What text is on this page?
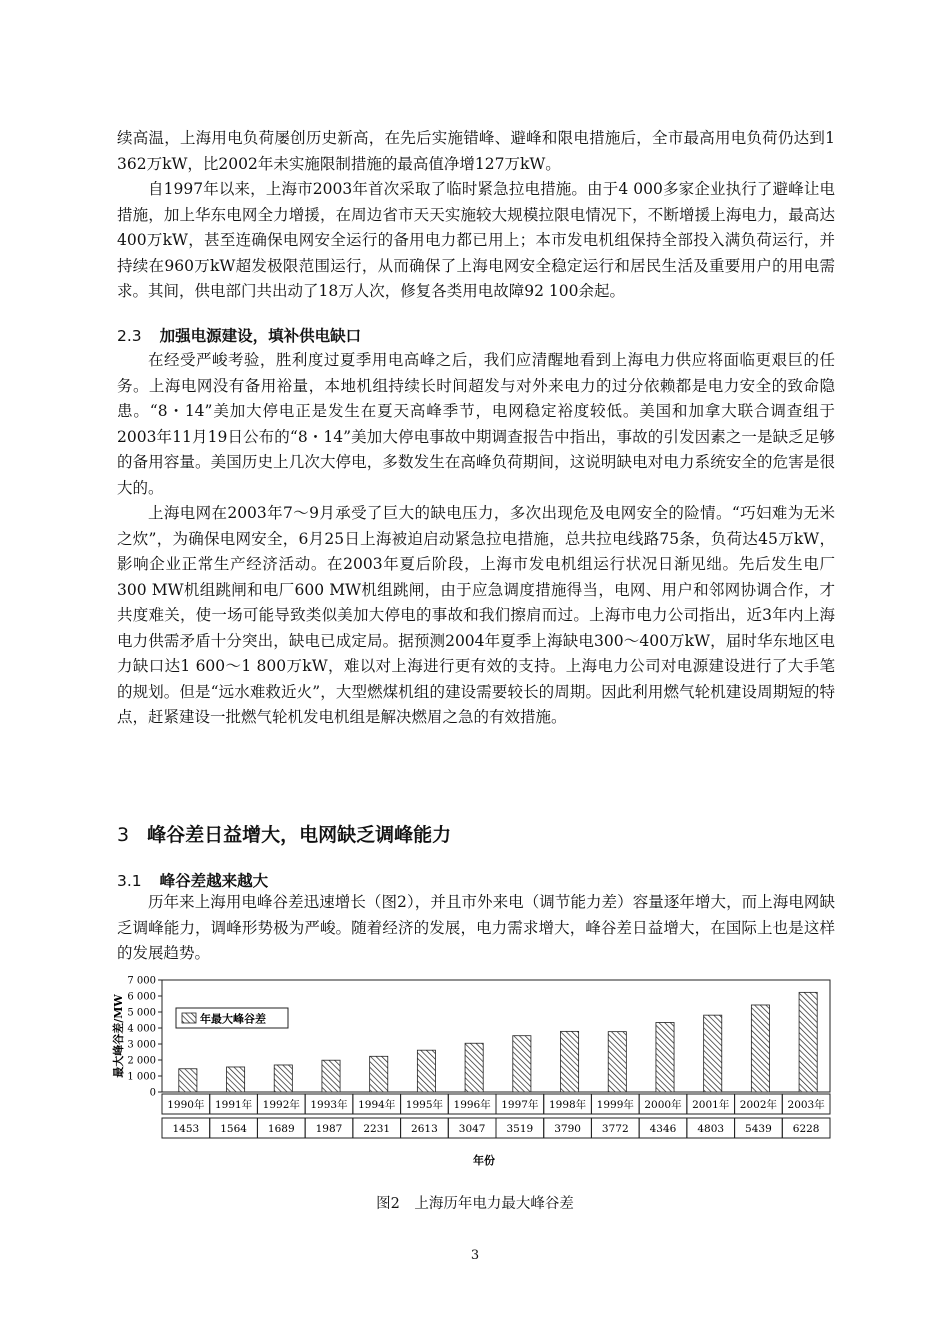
续高温，上海用电负荷屡创历史新高，在先后实施错峰、避峰和限电措施后，全市最高用电负荷仍达到1 362万kW，比2002年未实施限制措施的最高值净增127万kW。

自1997年以来，上海市2003年首次采取了临时紧急拉电措施。由于4 000多家企业执行了避峰让电措施，加上华东电网全力增援，在周边省市天天实施较大规模拉限电情况下，不断增援上海电力，最高达400万kW，甚至连确保电网安全运行的备用电力都已用上；本市发电机组保持全部投入满负荷运行，并持续在960万kW超发极限范围运行，从而确保了上海电网安全稳定运行和居民生活及重要用户的用电需求。其间，供电部门共出动了18万人次，修复各类用电故障92 100余起。

2.3 加强电源建设，填补供电缺口

在经受严峻考验，胜利度过夏季用电高峰之后，我们应清醒地看到上海电力供应将面临更艰巨的任务。上海电网没有备用裕量，本地机组持续长时间超发与对外来电力的过分依赖都是电力安全的致命隐患。“8・14”美加大停电正是发生在夏天高峰季节，电网稳定裕度较低。美国和加拿大联合调查组于2003年11月19日公布的“8・14”美加大停电事故中期调查报告中指出，事故的引发因素之一是缺乏足够的备用容量。美国历史上几次大停电，多数发生在高峰负荷期间，这说明缺电对电力系统安全的危害是很大的。

上海电网在2003年7～9月承受了巨大的缺电压力，多次出现危及电网安全的险情。“巧妇难为无米之炊”，为确保电网安全，6月25日上海被迫启动紧急拉电措施，总共拉电线路75条，负荷达45万kW，影响企业正常生产经济活动。在2003年夏后阶段，上海市发电机组运行状况日渐见绌。先后发生电厂300 MW机组跳闸和电厂600 MW机组跳闸，由于应急调度措施得当，电网、用户和邻网协调合作，才共度难关，使一场可能导致类似美加大停电的事故和我们擦肩而过。上海市电力公司指出，近3年内上海电力供需矛盾十分突出，缺电已成定局。据预测2004年夏季上海缺电300～400万kW，届时华东地区电力缺口达1 600～1 800万kW，难以对上海进行更有效的支持。上海电力公司对电源建设进行了大手笔的规划。但是“远水难救近火”，大型燃煤机组的建设需要较长的周期。因此利用燃气轮机建设周期短的特点，赶紧建设一批燃气轮机发电机组是解决燃眉之急的有效措施。

3 峰谷差日益增大，电网缺乏调峰能力
3.1 峰谷差越来越大

历年来上海用电峰谷差迅速增长（图2），并且市外来电（调节能力差）容量逐年增大，而上海电网缺乏调峰能力，调峰形势极为严峻。随着经济的发展，电力需求增大，峰谷差日益增大，在国际上也是这样的发展趋势。

0
1 000
2 000
3 000
4 000
5 000
6 000
7 000
最大峰谷差/MW	年最大峰谷差
1990年
1453
1991年
1564
1992年
1689
1993年
1987
1994年
2231
1995年
2613
1996年
3047
1997年
3519
1998年
3790
1999年
3772
2000年
4346
2001年
4803
2002年
5439
2003年
6228
年份
图2　上海历年电力最大峰谷差
3
